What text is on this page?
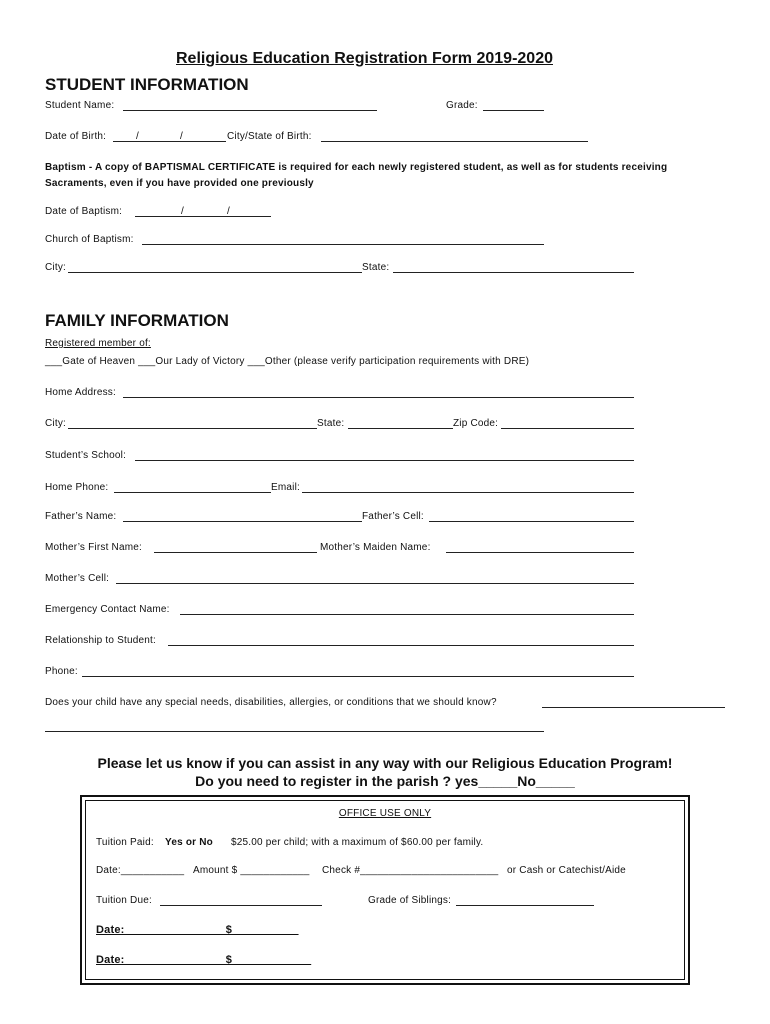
Religious Education Registration Form 2019-2020
STUDENT INFORMATION
Student Name:	Grade:
Date of Birth:	/	/	City/State of Birth:
Baptism - A copy of BAPTISMAL CERTIFICATE is required for each newly registered student, as well as for students receiving
Sacraments, even if you have provided one previously
Date of Baptism:	/	/
Church of Baptism:
City:	State:
FAMILY INFORMATION
Registered member of:
___Gate of Heaven ___Our Lady of Victory ___Other (please verify participation requirements with DRE)
Home Address:
City:	State:	Zip Code:
Student’s School:
Home Phone:	Email:
Father’s Name:	Father’s Cell:
Mother’s First Name:	Mother’s Maiden Name:
Mother’s Cell:
Emergency Contact Name:
Relationship to Student:
Phone:
Does your child have any special needs, disabilities, allergies, or conditions that we should know?
Please let us know if you can assist in any way with our Religious Education Program!
Do you need to register in the parish ? yes_____No_____
OFFICE USE ONLY
Tuition Paid: Yes or No $25.00 per child; with a maximum of $60.00 per family.
Date:___________ Amount $ ____________ Check #________________________ or Cash or Catechist/Aide
Tuition Due:	Grade of Siblings:
Date: _______________ $ __________
Date: _______________ $ ____________
